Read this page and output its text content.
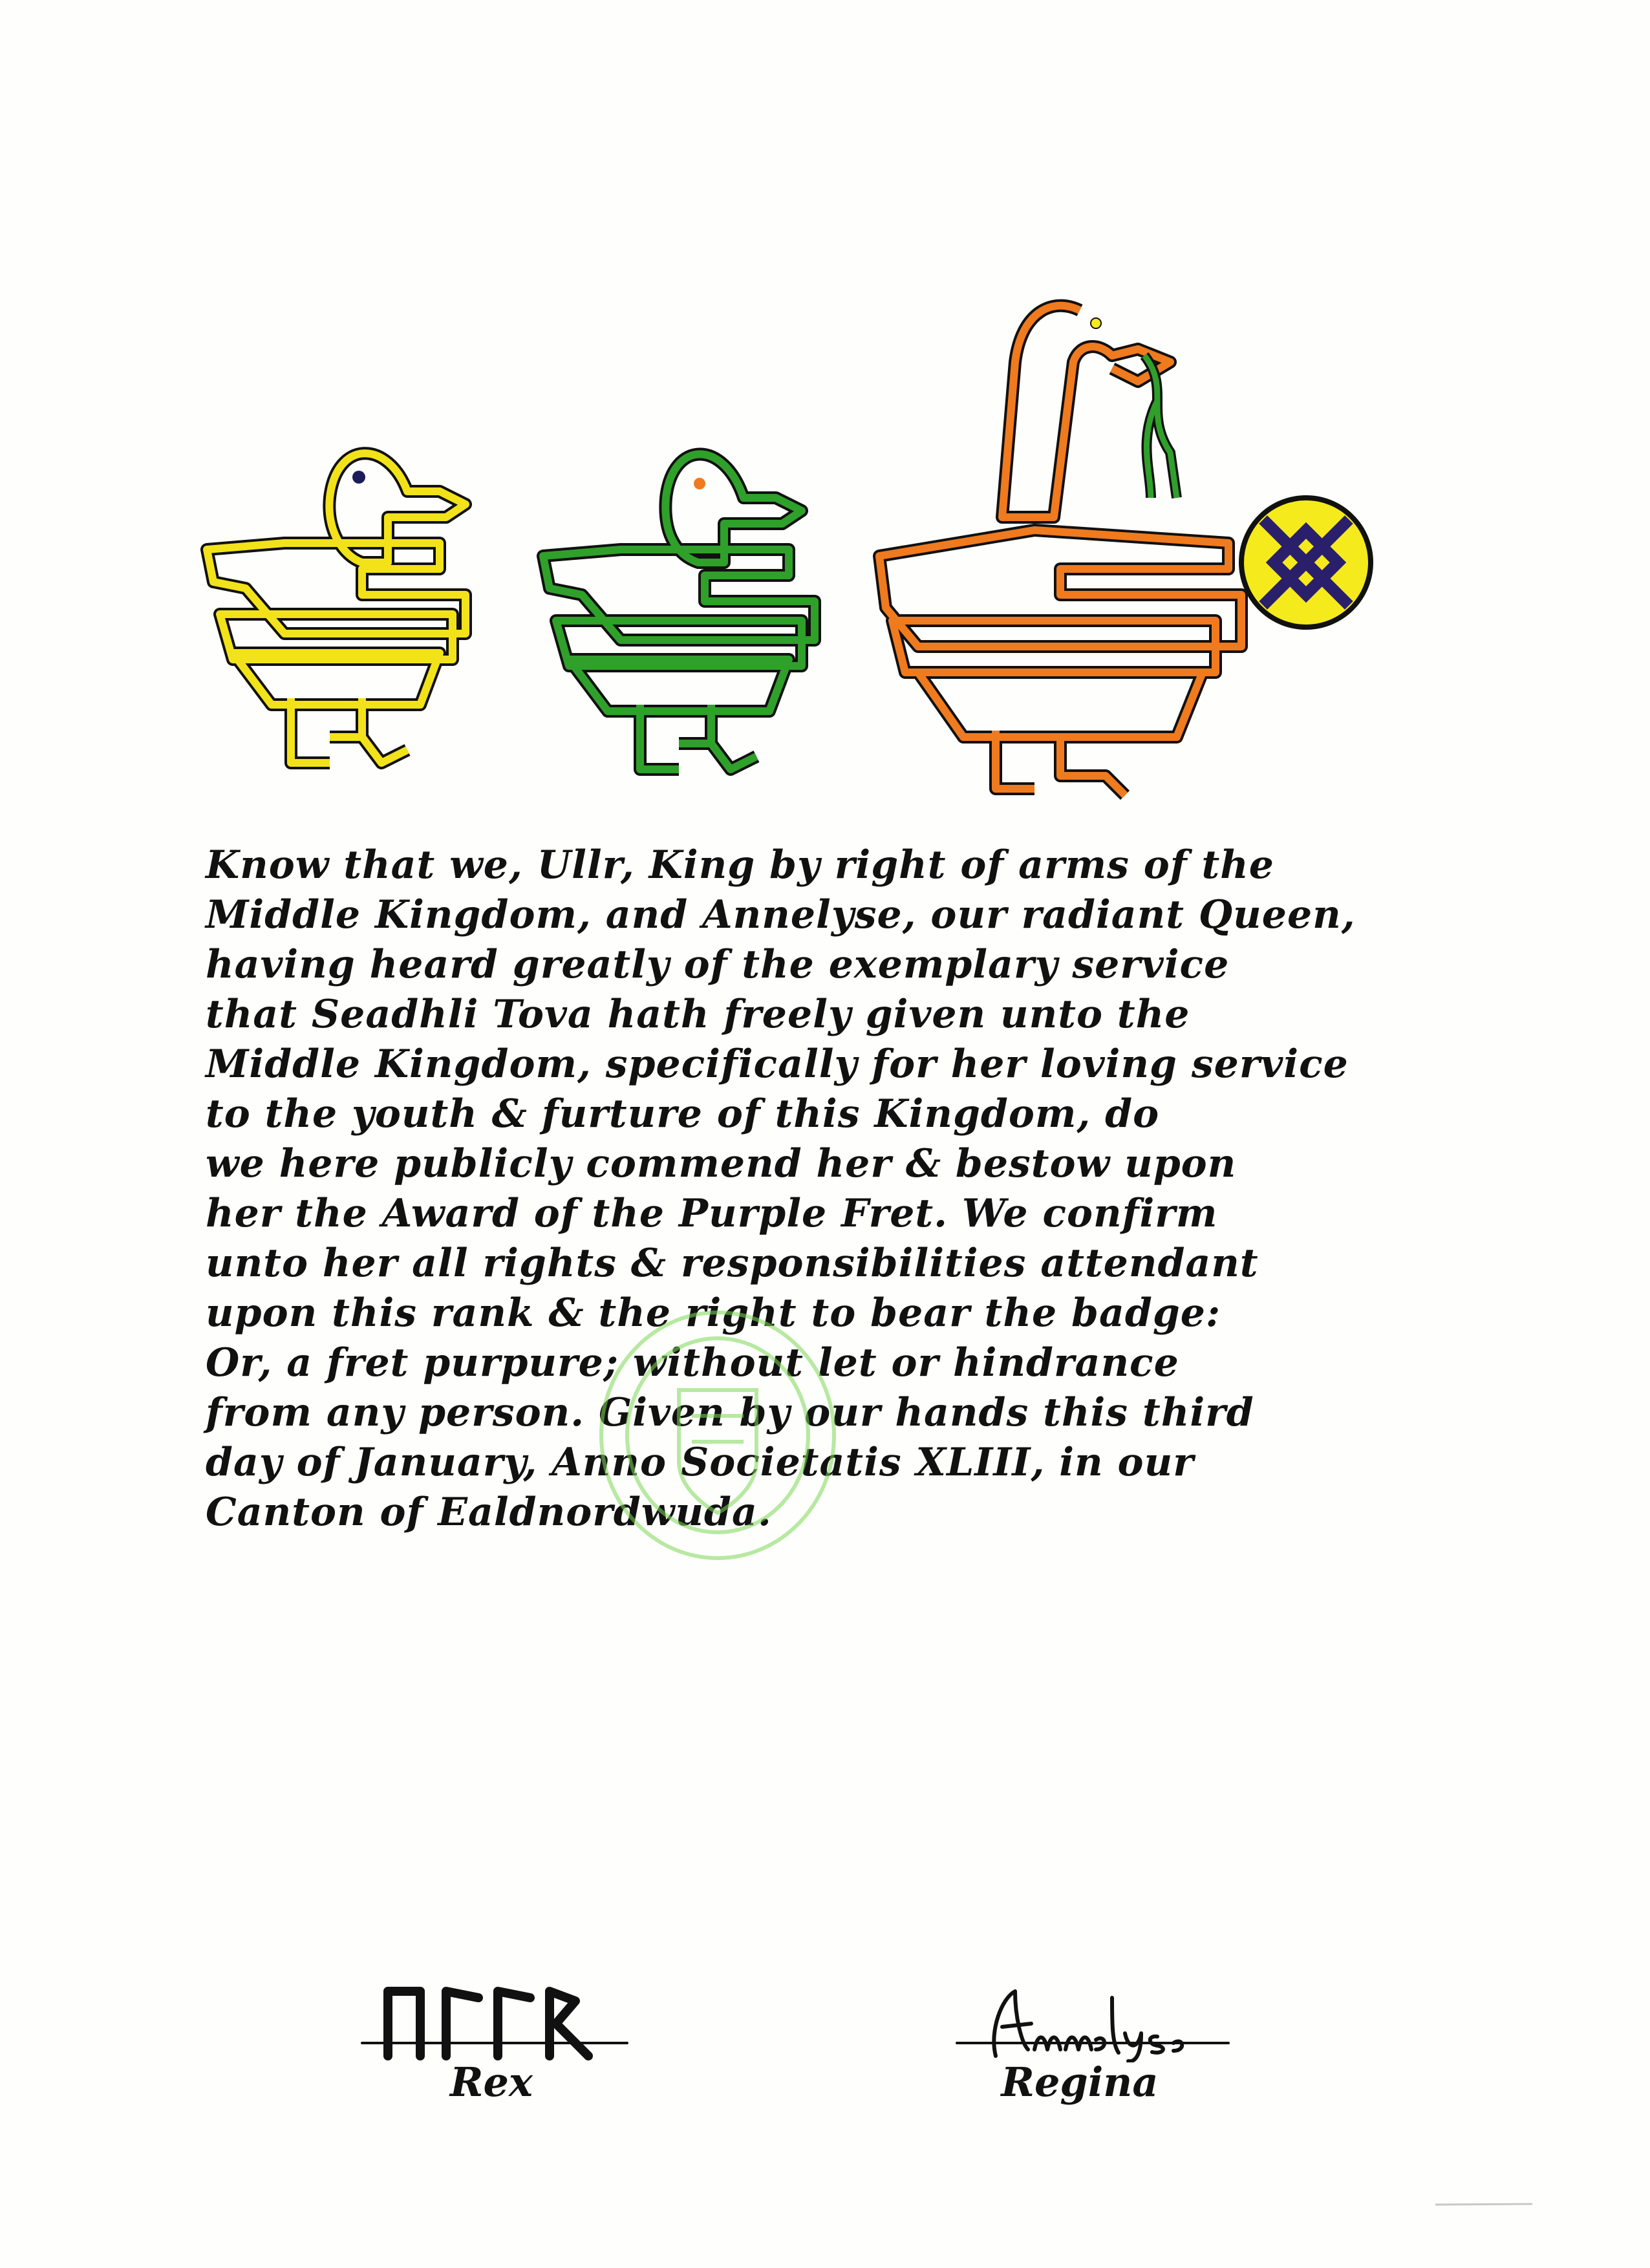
Know that we, Ullr, King by right of arms of the
Middle Kingdom, and Annelyse, our radiant Queen,
having heard greatly of the exemplary service
that Seadhli Tova hath freely given unto the
Middle Kingdom, specifically for her loving service
to the youth & furture of this Kingdom, do
we here publicly commend her & bestow upon
her the Award of the Purple Fret. We confirm
unto her all rights & responsibilities attendant
upon this rank & the right to bear the badge:
Or, a fret purpure; without let or hindrance
from any person. Given by our hands this third
day of January, Anno Societatis XLIII, in our
Canton of Ealdnordwuda.

Rex	Regina
